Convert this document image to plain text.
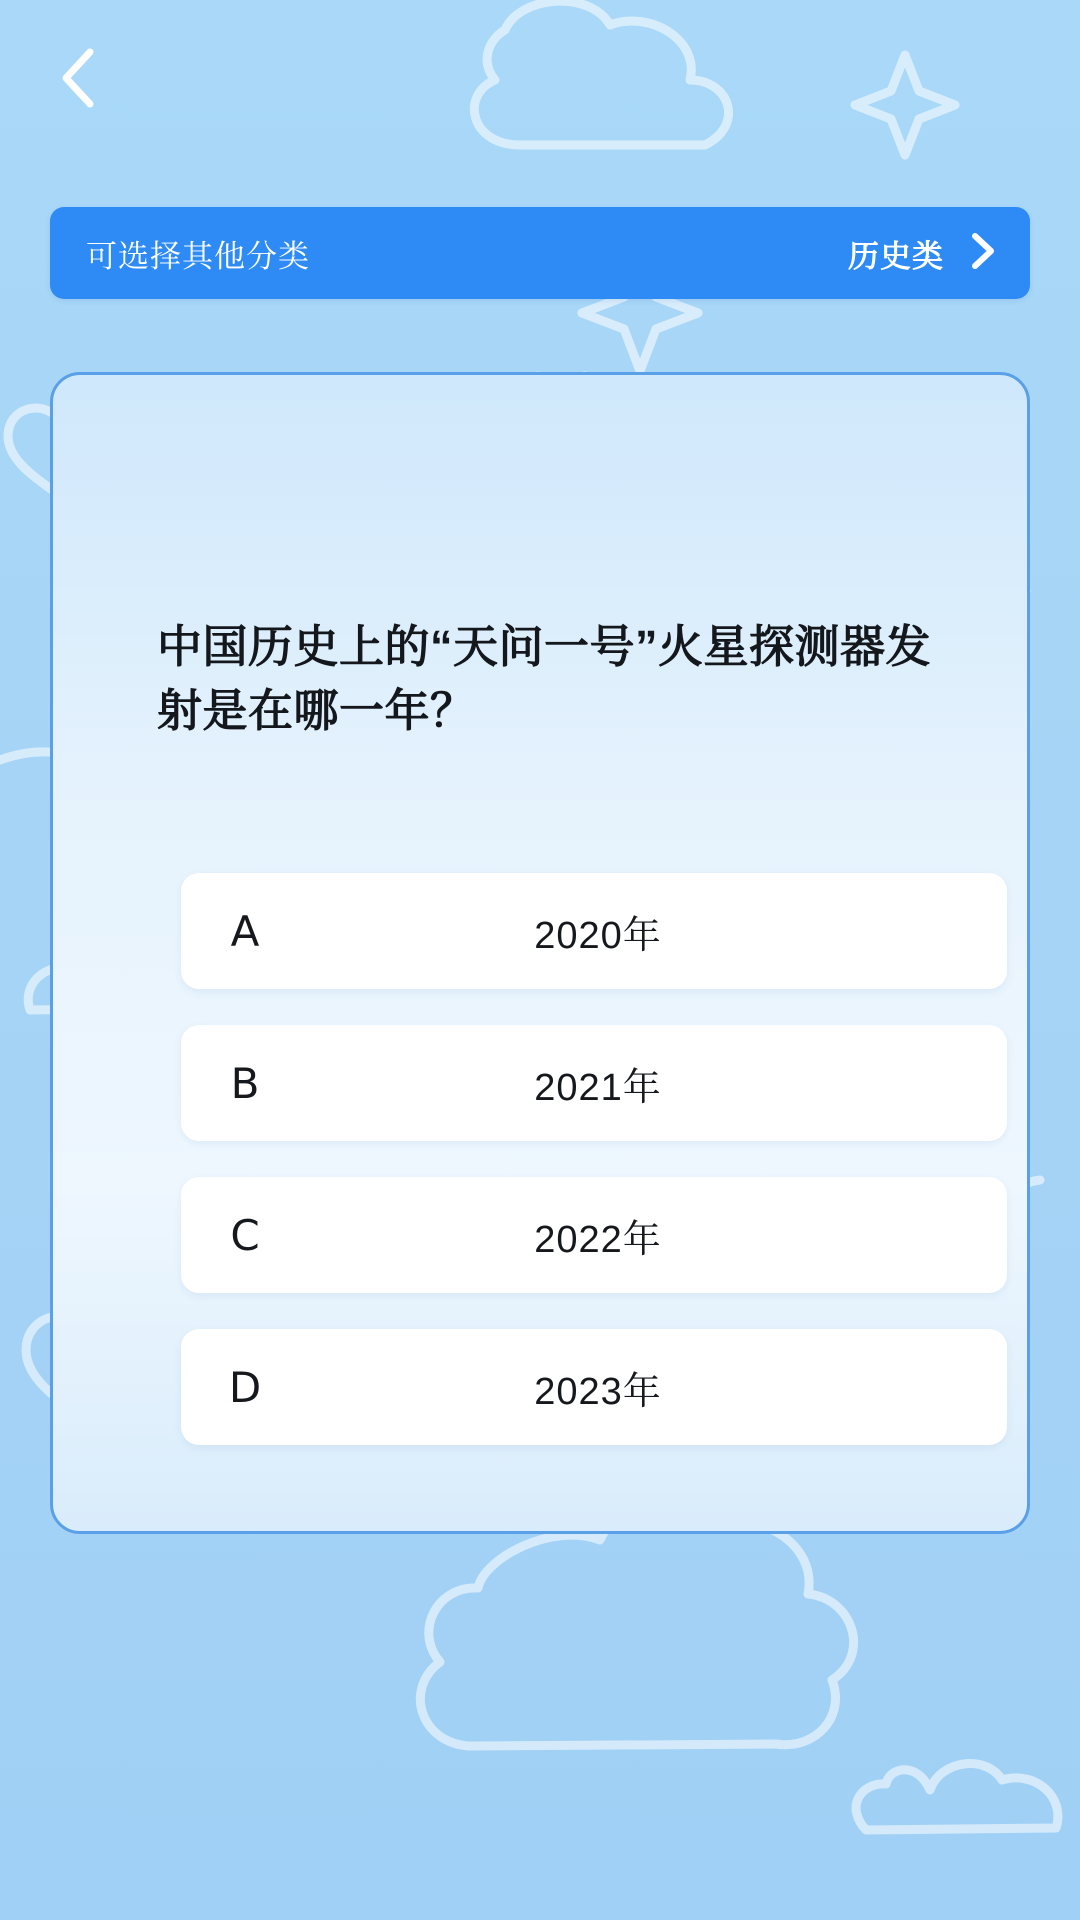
可选择其他分类	历史类
中国历史上的“天问一号”火星探测器发射是在哪一年？
A	2020年
B	2021年
C	2022年
D	2023年
